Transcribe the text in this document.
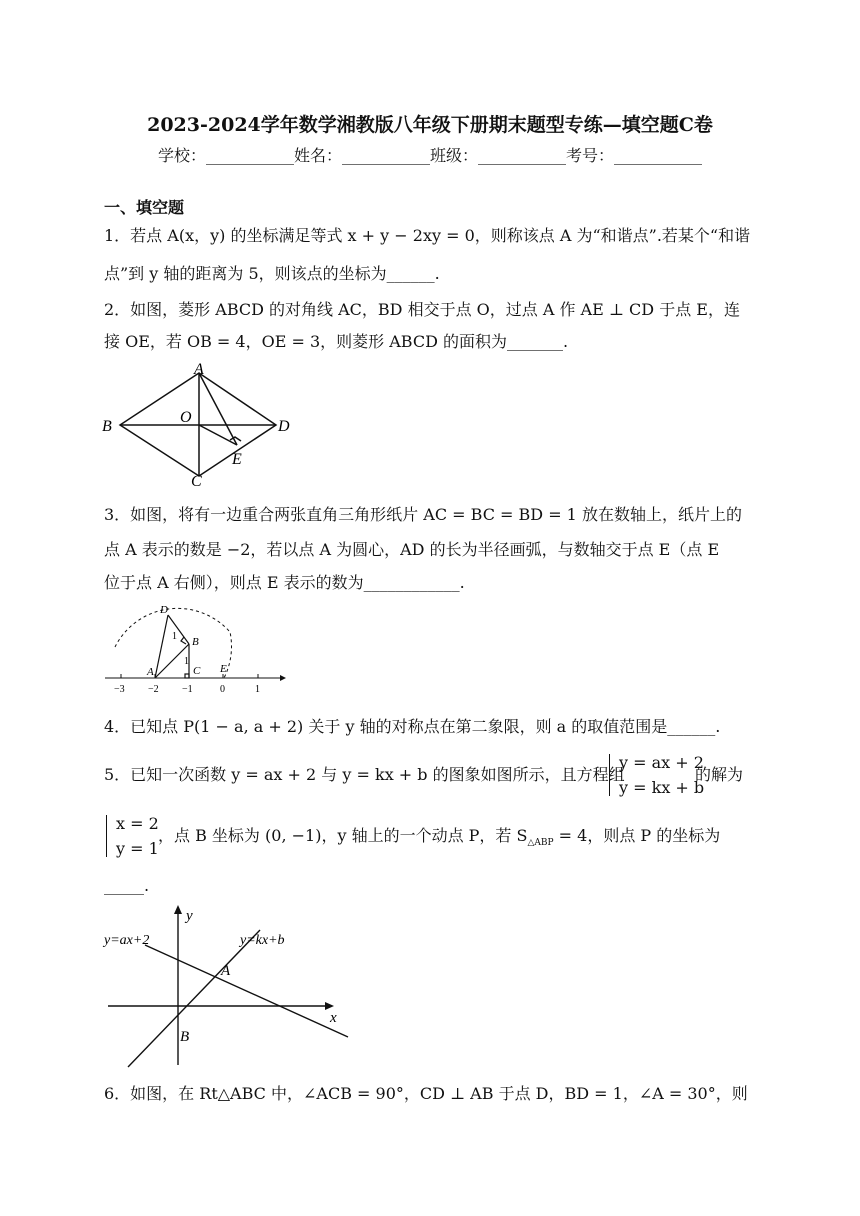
2023-2024学年数学湘教版八年级下册期末题型专练—填空题C卷
学校：___________姓名：___________班级：___________考号：___________
一、填空题
1．若点 A(x，y) 的坐标满足等式 x + y − 2xy = 0，则称该点 A 为“和谐点”.若某个“和谐
点”到 y 轴的距离为 5，则该点的坐标为______.
2．如图，菱形 ABCD 的对角线 AC，BD 相交于点 O，过点 A 作 AE ⊥ CD 于点 E，连
接 OE，若 OB = 4，OE = 3，则菱形 ABCD 的面积为_______.
A
B	D
O
E
C
3．如图，将有一边重合两张直角三角形纸片 AC = BC = BD = 1 放在数轴上，纸片上的
点 A 表示的数是 −2，若以点 A 为圆心，AD 的长为半径画弧，与数轴交于点 E（点 E
位于点 A 右侧），则点 E 表示的数为____________.
D
B
A	C E
1
1
−3 −2 −1	0	1
4．已知点 P(1 − a, a + 2) 关于 y 轴的对称点在第二象限，则 a 的取值范围是______.
5．已知一次函数 y = ax + 2 与 y = kx + b 的图象如图所示，且方程组
y = ax + 2
y = kx + b
的解为
x = 2
y = 1
，点 B 坐标为 (0, −1)，y 轴上的一个动点 P，若 $S_{\triangle ABP} = 4$，则点 P 的坐标为
_____.
y
x
y=ax+2	y=kx+b
A
B
6．如图，在 Rt△ABC 中，∠ACB = 90°，CD ⊥ AB 于点 D，BD = 1，∠A = 30°，则
